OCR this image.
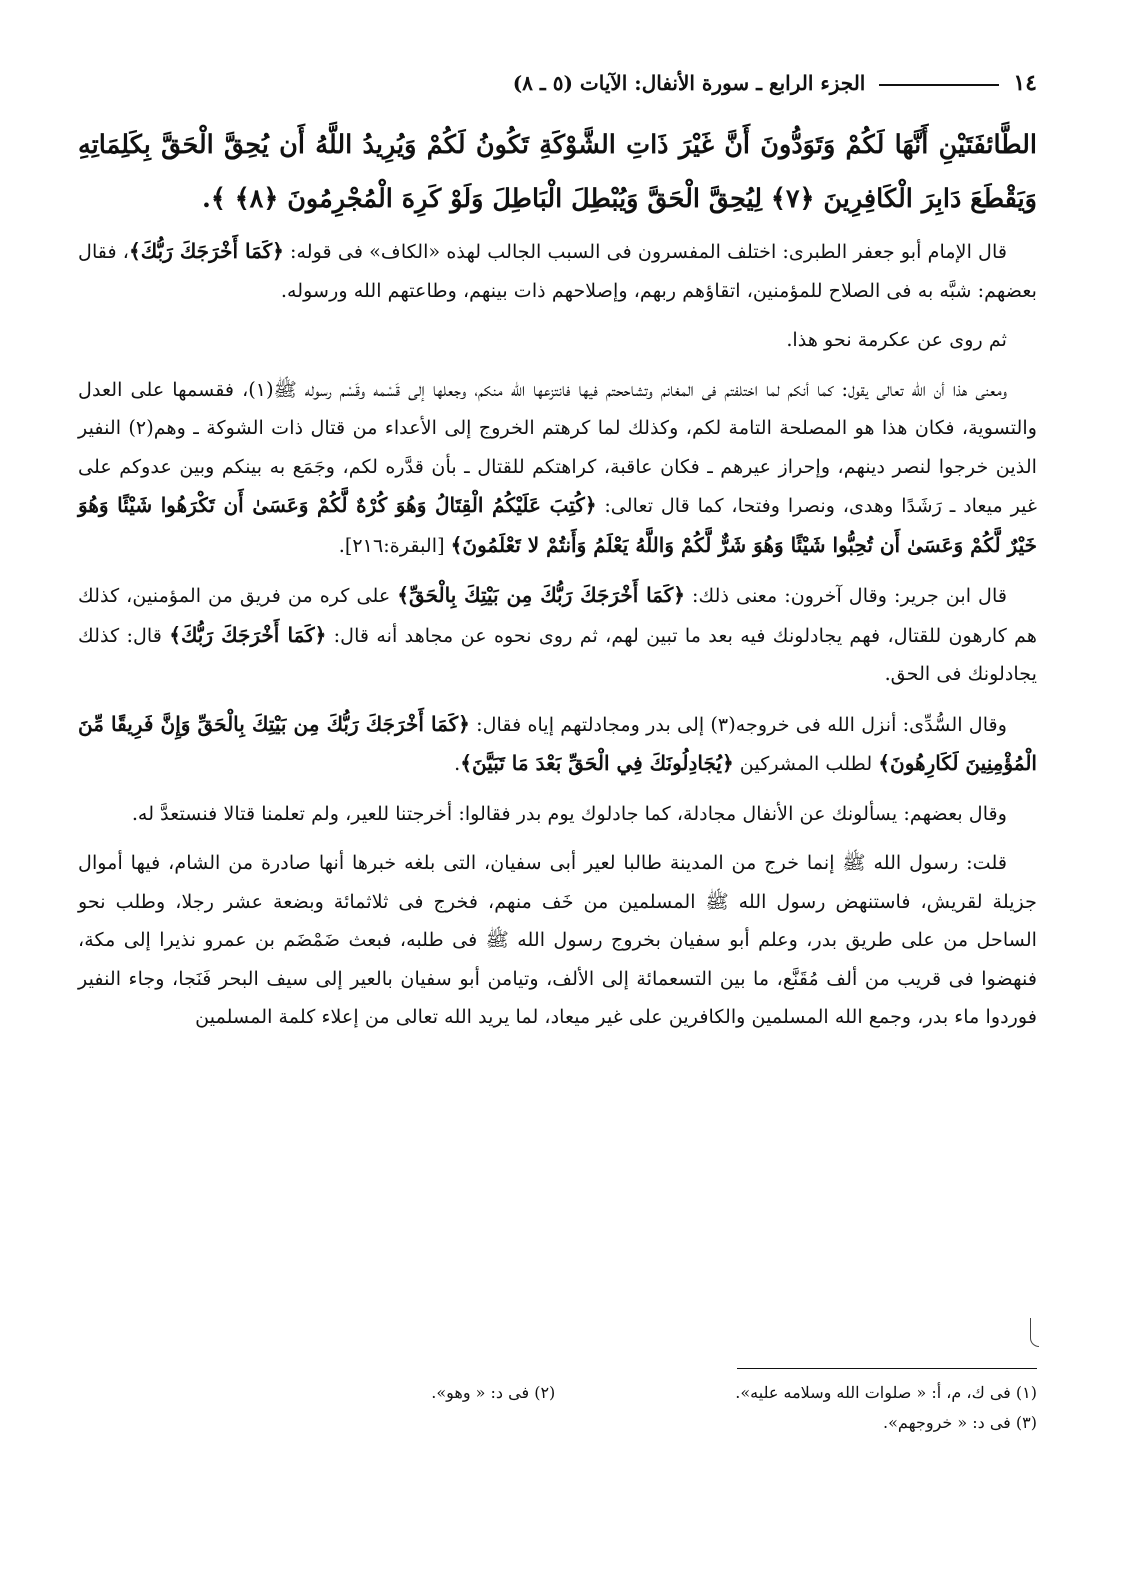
١٤
الجزء الرابع ـ سورة الأنفال: الآيات (٥ ـ ٨)
الطَّائفَتَيْنِ أَنَّهَا لَكُمْ وَتَوَدُّونَ أَنَّ غَيْرَ ذَاتِ الشَّوْكَةِ تَكُونُ لَكُمْ وَيُرِيدُ اللَّهُ أَن يُحِقَّ الْحَقَّ بِكَلِمَاتِهِ وَيَقْطَعَ دَابِرَ الْكَافِرِينَ ﴿٧﴾ لِيُحِقَّ الْحَقَّ وَيُبْطِلَ الْبَاطِلَ وَلَوْ كَرِهَ الْمُجْرِمُونَ ﴿٨﴾ ﴾.

قال الإمام أبو جعفر الطبرى: اختلف المفسرون فى السبب الجالب لهذه «الكاف» فى قوله: ﴿كَمَا أَخْرَجَكَ رَبُّكَ﴾، فقال بعضهم: شبَّه به فى الصلاح للمؤمنين، اتقاؤهم ربهم، وإصلاحهم ذات بينهم، وطاعتهم الله ورسوله.

ثم روى عن عكرمة نحو هذا.

ومعنى هذا أن الله تعالى يقول: كما أنكم لما اختلفتم فى المغانم وتشاححتم فيها فانتزعها الله منكم، وجعلها إلى قَسْمه وقَسْم رسوله ﷺ(١)، فقسمها على العدل والتسوية، فكان هذا هو المصلحة التامة لكم، وكذلك لما كرهتم الخروج إلى الأعداء من قتال ذات الشوكة ـ وهم(٢) النفير الذين خرجوا لنصر دينهم، وإحراز عيرهم ـ فكان عاقبة، كراهتكم للقتال ـ بأن قدَّره لكم، وجَمَع به بينكم وبين عدوكم على غير ميعاد ـ رَشَدًا وهدى، ونصرا وفتحا، كما قال تعالى: ﴿كُتِبَ عَلَيْكُمُ الْقِتَالُ وَهُوَ كُرْهٌ لَّكُمْ وَعَسَىٰ أَن تَكْرَهُوا شَيْئًا وَهُوَ خَيْرٌ لَّكُمْ وَعَسَىٰ أَن تُحِبُّوا شَيْئًا وَهُوَ شَرٌّ لَّكُمْ وَاللَّهُ يَعْلَمُ وَأَنتُمْ لا تَعْلَمُونَ﴾ [البقرة:٢١٦].

قال ابن جرير: وقال آخرون: معنى ذلك: ﴿كَمَا أَخْرَجَكَ رَبُّكَ مِن بَيْتِكَ بِالْحَقِّ﴾ على كره من فريق من المؤمنين، كذلك هم كارهون للقتال، فهم يجادلونك فيه بعد ما تبين لهم، ثم روى نحوه عن مجاهد أنه قال: ﴿كَمَا أَخْرَجَكَ رَبُّكَ﴾ قال: كذلك يجادلونك فى الحق.

وقال السُّدِّى: أنزل الله فى خروجه(٣) إلى بدر ومجادلتهم إياه فقال: ﴿كَمَا أَخْرَجَكَ رَبُّكَ مِن بَيْتِكَ بِالْحَقِّ وَإِنَّ فَرِيقًا مِّنَ الْمُؤْمِنِينَ لَكَارِهُونَ﴾ لطلب المشركين ﴿يُجَادِلُونَكَ فِي الْحَقِّ بَعْدَ مَا تَبَيَّنَ﴾.

وقال بعضهم: يسألونك عن الأنفال مجادلة، كما جادلوك يوم بدر فقالوا: أخرجتنا للعير، ولم تعلمنا قتالا فنستعدَّ له.

قلت: رسول الله ﷺ إنما خرج من المدينة طالبا لعير أبى سفيان، التى بلغه خبرها أنها صادرة من الشام، فيها أموال جزيلة لقريش، فاستنهض رسول الله ﷺ المسلمين من خَف منهم، فخرج فى ثلاثمائة وبضعة عشر رجلا، وطلب نحو الساحل من على طريق بدر، وعلم أبو سفيان بخروج رسول الله ﷺ فى طلبه، فبعث ضَمْضَم بن عمرو نذيرا إلى مكة، فنهضوا فى قريب من ألف مُقَنَّع، ما بين التسعمائة إلى الألف، وتيامن أبو سفيان بالعير إلى سيف البحر فَنَجا، وجاء النفير فوردوا ماء بدر، وجمع الله المسلمين والكافرين على غير ميعاد، لما يريد الله تعالى من إعلاء كلمة المسلمين

(١) فى ك، م، أ: « صلوات الله وسلامه عليه».
(٢) فى د: « وهو».
(٣) فى د: « خروجهم».
